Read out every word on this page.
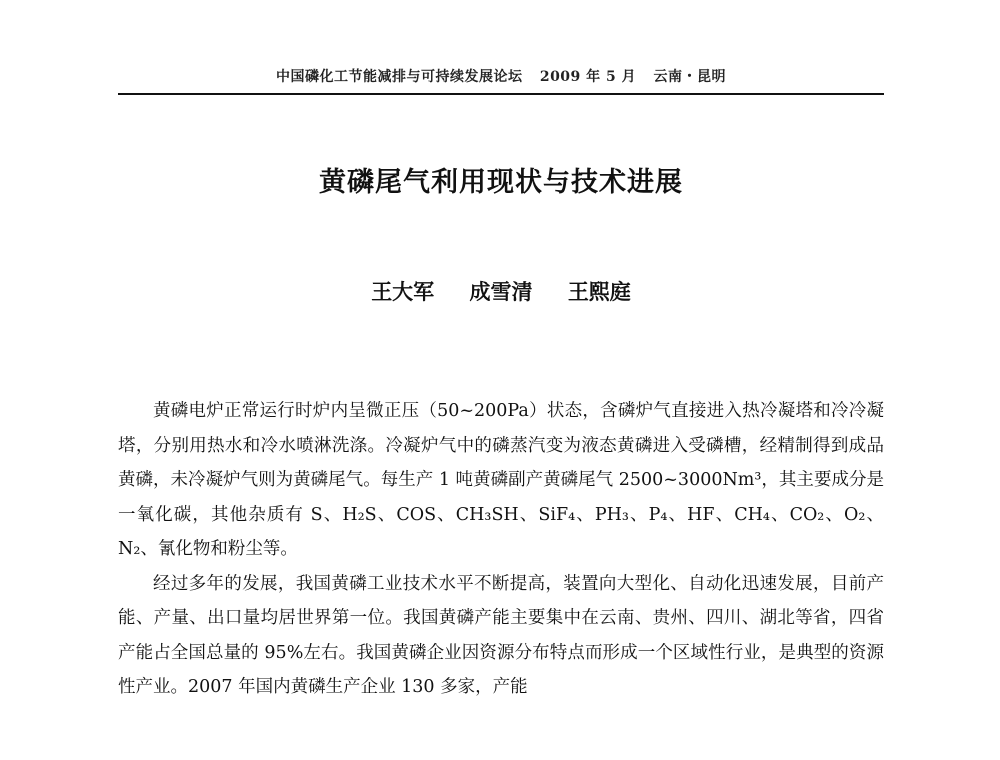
中国磷化工节能减排与可持续发展论坛 2009 年 5 月 云南・昆明
黄磷尾气利用现状与技术进展
王大军 成雪清 王熙庭

黄磷电炉正常运行时炉内呈微正压（50~200Pa）状态，含磷炉气直接进入热冷凝塔和冷冷凝塔，分别用热水和冷水喷淋洗涤。冷凝炉气中的磷蒸汽变为液态黄磷进入受磷槽，经精制得到成品黄磷，未冷凝炉气则为黄磷尾气。每生产 1 吨黄磷副产黄磷尾气 2500~3000Nm³，其主要成分是一氧化碳，其他杂质有 S、H₂S、COS、CH₃SH、SiF₄、PH₃、P₄、HF、CH₄、CO₂、O₂、N₂、氰化物和粉尘等。

经过多年的发展，我国黄磷工业技术水平不断提高，装置向大型化、自动化迅速发展，目前产能、产量、出口量均居世界第一位。我国黄磷产能主要集中在云南、贵州、四川、湖北等省，四省产能占全国总量的 95%左右。我国黄磷企业因资源分布特点而形成一个区域性行业，是典型的资源性产业。2007 年国内黄磷生产企业 130 多家，产能
